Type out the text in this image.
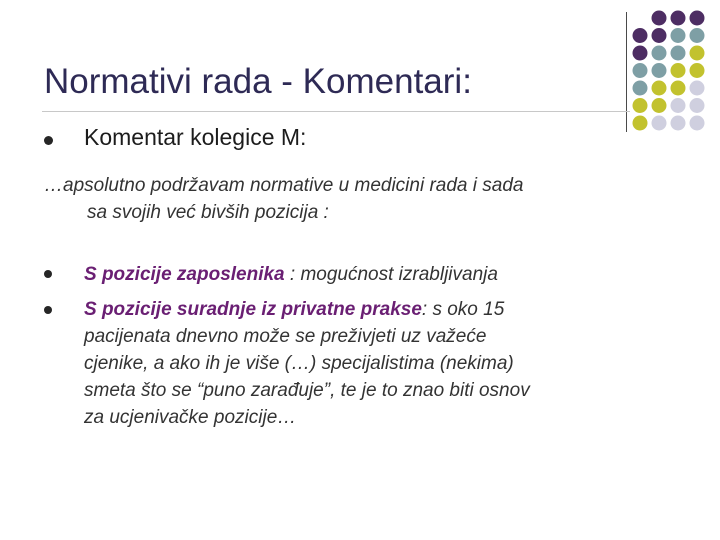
Normativi rada - Komentari:
Komentar kolegice M:
…apsolutno podržavam normative u medicini rada i sada
sa svojih već bivših pozicija :
S pozicije zaposlenika : mogućnost izrabljivanja
S pozicije suradnje iz privatne prakse: s oko 15
pacijenata dnevno može se preživjeti uz važeće
cjenike, a ako ih je više (…) specijalistima (nekima)
smeta što se “puno zarađuje”, te je to znao biti osnov
za ucjenivačke pozicije…
